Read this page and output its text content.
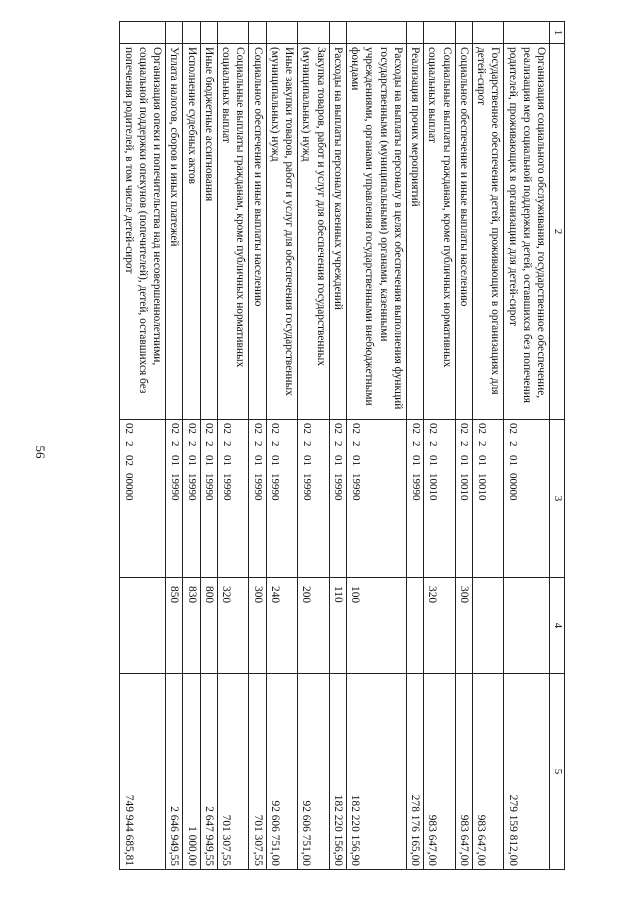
56
1	2	3	4	5
	Организация социального обслуживания, государственное обеспечение, реализация мер социальной поддержки детей, оставшихся без попечения родителей, проживающих в организации для детей-сирот	0220100000		279 159 812,00
	Государственное обеспечение детей, проживающих в организациях для детей-сирот	0220110010		983 647,00
	Социальное обеспечение и иные выплаты населению	0220110010	300	983 647,00
	Социальные выплаты гражданам, кроме публичных нормативных социальных выплат	0220110010	320	983 647,00
	Реализация прочих мероприятий	0220119990		278 176 165,00
	Расходы на выплаты персоналу в целях обеспечения выполнения функций государственными (муниципальными) органами, казенными учреждениями, органами управления государственными внебюджетными фондами	0220119990	100	182 220 156,90
	Расходы на выплаты персоналу казенных учреждений	0220119990	110	182 220 156,90
	Закупка товаров, работ и услуг для обеспечения государственных (муниципальных) нужд	0220119990	200	92 606 751,00
	Иные закупки товаров, работ и услуг для обеспечения государственных (муниципальных) нужд	0220119990	240	92 606 751,00
	Социальное обеспечение и иные выплаты населению	0220119990	300	701 307,55
	Социальные выплаты гражданам, кроме публичных нормативных социальных выплат	0220119990	320	701 307,55
	Иные бюджетные ассигнования	0220119990	800	2 647 949,55
	Исполнение судебных актов	0220119990	830	1 000,00
	Уплата налогов, сборов и иных платежей	0220119990	850	2 646 949,55
	Организация опеки и попечительства над несовершеннолетними, социальной поддержки опекунов (попечителей), детей, оставшихся без попечения родителей, в том числе детей-сирот	0220200000		749 944 685,81
